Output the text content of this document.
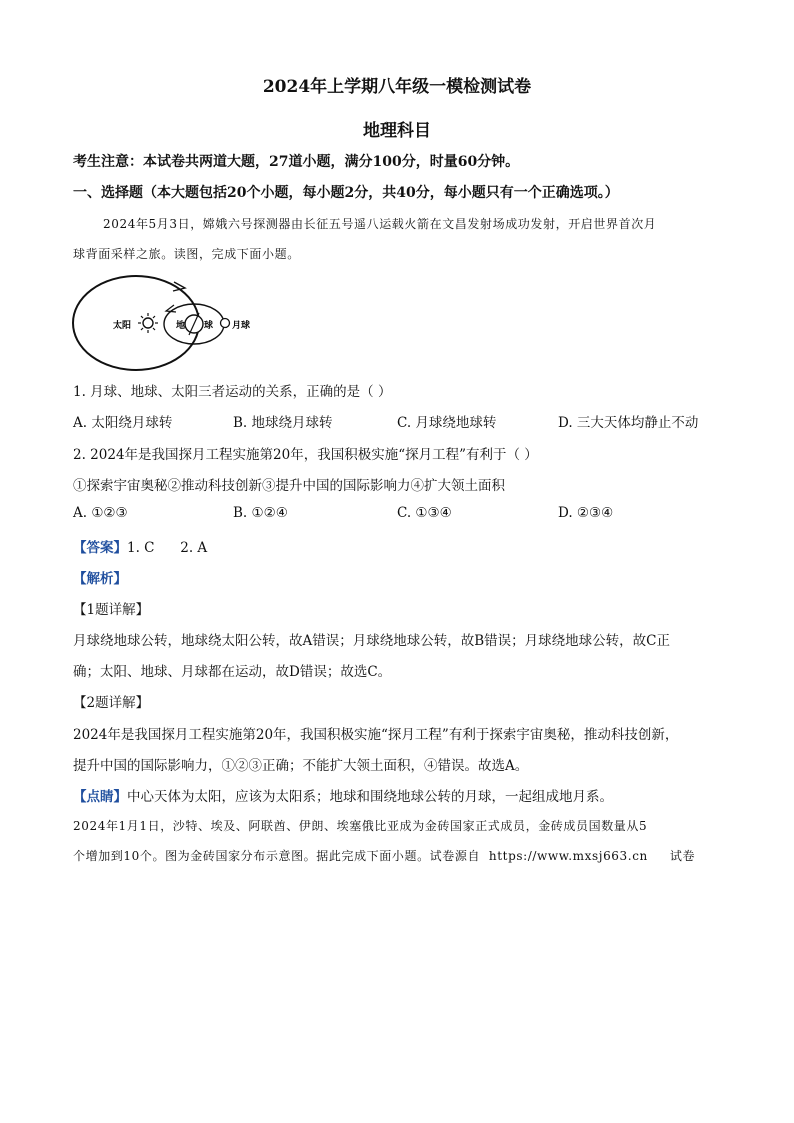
2024年上学期八年级一模检测试卷
地理科目
考生注意：本试卷共两道大题，27道小题，满分100分，时量60分钟。
一、选择题（本大题包括20个小题，每小题2分，共40分，每小题只有一个正确选项。）
2024年5月3日，嫦娥六号探测器由长征五号遥八运载火箭在文昌发射场成功发射，开启世界首次月
球背面采样之旅。读图，完成下面小题。
太阳	地 球 月球
1. 月球、地球、太阳三者运动的关系，正确的是（ ）
A. 太阳绕月球转	B. 地球绕月球转	C. 月球绕地球转	D. 三大天体均静止不动
2. 2024年是我国探月工程实施第20年，我国积极实施“探月工程”有利于（ ）
①探索宇宙奥秘②推动科技创新③提升中国的国际影响力④扩大领土面积
A. ①②③	B. ①②④	C. ①③④	D. ②③④
【答案】1. C      2. A
【解析】
【1题详解】
月球绕地球公转，地球绕太阳公转，故A错误；月球绕地球公转，故B错误；月球绕地球公转，故C正
确；太阳、地球、月球都在运动，故D错误；故选C。
【2题详解】
2024年是我国探月工程实施第20年，我国积极实施“探月工程”有利于探索宇宙奥秘，推动科技创新，
提升中国的国际影响力，①②③正确；不能扩大领土面积，④错误。故选A。
【点睛】中心天体为太阳，应该为太阳系；地球和围绕地球公转的月球，一起组成地月系。
2024年1月1日，沙特、埃及、阿联酋、伊朗、埃塞俄比亚成为金砖国家正式成员，金砖成员国数量从5
个增加到10个。图为金砖国家分布示意图。据此完成下面小题。试卷源自  https://www.mxsj663.cn     试卷
